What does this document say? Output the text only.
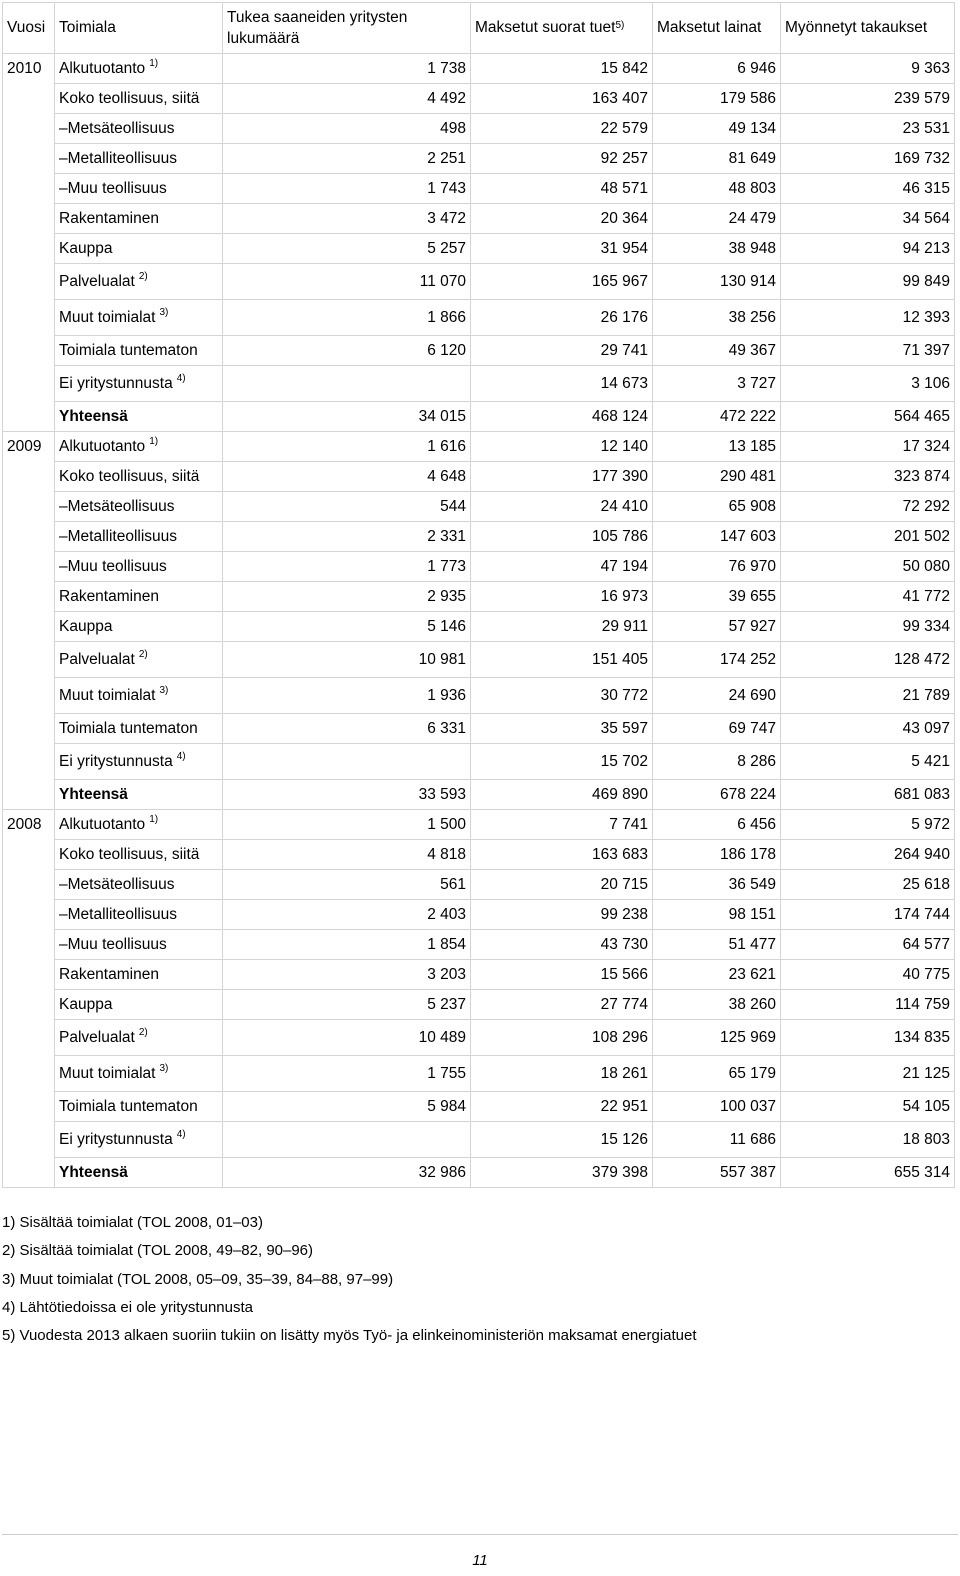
Vuosi	Toimiala	Tukea saaneiden yritysten lukumäärä	Maksetut suorat tuet$^{5)}$	Maksetut lainat	Myönnetyt takaukset
2010	Alkutuotanto $^{1)}$	1 738	15 842	6 946	9 363
	Koko teollisuus, siitä	4 492	163 407	179 586	239 579
	–Metsäteollisuus	498	22 579	49 134	23 531
	–Metalliteollisuus	2 251	92 257	81 649	169 732
	–Muu teollisuus	1 743	48 571	48 803	46 315
	Rakentaminen	3 472	20 364	24 479	34 564
	Kauppa	5 257	31 954	38 948	94 213
	Palvelualat $^{2)}$	11 070	165 967	130 914	99 849
	Muut toimialat $^{3)}$	1 866	26 176	38 256	12 393
	Toimiala tuntematon	6 120	29 741	49 367	71 397
	Ei yritystunnusta $^{4)}$		14 673	3 727	3 106
	Yhteensä	34 015	468 124	472 222	564 465
2009	Alkutuotanto $^{1)}$	1 616	12 140	13 185	17 324
	Koko teollisuus, siitä	4 648	177 390	290 481	323 874
	–Metsäteollisuus	544	24 410	65 908	72 292
	–Metalliteollisuus	2 331	105 786	147 603	201 502
	–Muu teollisuus	1 773	47 194	76 970	50 080
	Rakentaminen	2 935	16 973	39 655	41 772
	Kauppa	5 146	29 911	57 927	99 334
	Palvelualat $^{2)}$	10 981	151 405	174 252	128 472
	Muut toimialat $^{3)}$	1 936	30 772	24 690	21 789
	Toimiala tuntematon	6 331	35 597	69 747	43 097
	Ei yritystunnusta $^{4)}$		15 702	8 286	5 421
	Yhteensä	33 593	469 890	678 224	681 083
2008	Alkutuotanto $^{1)}$	1 500	7 741	6 456	5 972
	Koko teollisuus, siitä	4 818	163 683	186 178	264 940
	–Metsäteollisuus	561	20 715	36 549	25 618
	–Metalliteollisuus	2 403	99 238	98 151	174 744
	–Muu teollisuus	1 854	43 730	51 477	64 577
	Rakentaminen	3 203	15 566	23 621	40 775
	Kauppa	5 237	27 774	38 260	114 759
	Palvelualat $^{2)}$	10 489	108 296	125 969	134 835
	Muut toimialat $^{3)}$	1 755	18 261	65 179	21 125
	Toimiala tuntematon	5 984	22 951	100 037	54 105
	Ei yritystunnusta $^{4)}$		15 126	11 686	18 803
	Yhteensä	32 986	379 398	557 387	655 314
1) Sisältää toimialat (TOL 2008, 01–03)
2) Sisältää toimialat (TOL 2008, 49–82, 90–96)
3) Muut toimialat (TOL 2008, 05–09, 35–39, 84–88, 97–99)
4) Lähtötiedoissa ei ole yritystunnusta
5) Vuodesta 2013 alkaen suoriin tukiin on lisätty myös Työ- ja elinkeinoministeriön maksamat energiatuet
11
